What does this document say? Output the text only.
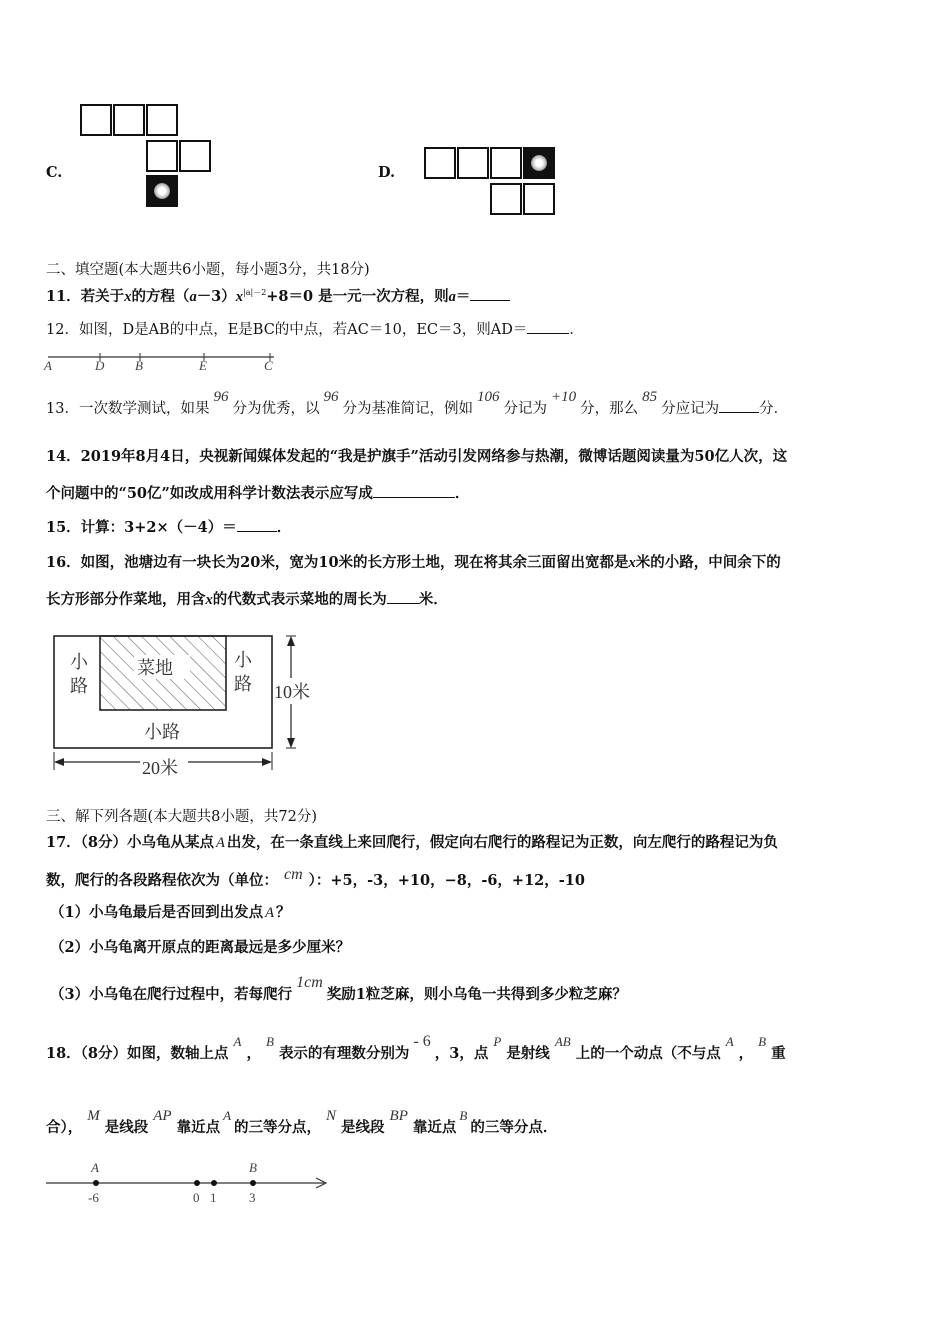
C.	D.
二、填空题(本大题共6小题，每小题3分，共18分)
11．若关于x的方程$(a-3)x^{|a|-2}+8=0$ 是一元一次方程，则a＝
12．如图，D是AB的中点，E是BC的中点，若AC＝10，EC＝3，则AD＝	．
A	D B	E	C
13．一次数学测试，如果96分为优秀，以96分为基准简记，例如106分记为+10分，那么85分应记为	分．
14．2019年8月4日，央视新闻媒体发起的“我是护旗手”活动引发网络参与热潮，微博话题阅读量为50亿人次，这
个问题中的“50亿”如改成用科学计数法表示应写成	．
15．计算：3+2×（－4）＝	．
16．如图，池塘边有一块长为20米，宽为10米的长方形土地，现在将其余三面留出宽都是x米的小路，中间余下的
长方形部分作菜地，用含x的代数式表示菜地的周长为 米．
菜地
小
路
小
路
小路
10米
20米
三、解下列各题(本大题共8小题，共72分)
17．（8分）小乌龟从某点 A 出发，在一条直线上来回爬行，假定向右爬行的路程记为正数，向左爬行的路程记为负
数，爬行的各段路程依次为（单位： cm ）：+5，-3，+10，−8，-6，+12，-10
（1）小乌龟最后是否回到出发点 A ？
（2）小乌龟离开原点的距离最远是多少厘米？
（3）小乌龟在爬行过程中，若每爬行1cm奖励1粒芝麻，则小乌龟一共得到多少粒芝麻？
18．（8分）如图，数轴上点A，B表示的有理数分别为- 6，3，点P是射线AB上的一个动点（不与点A，B重
合），M是线段AP靠近点A的三等分点，N是线段BP靠近点B的三等分点．
A	B
-6	0 1	3
